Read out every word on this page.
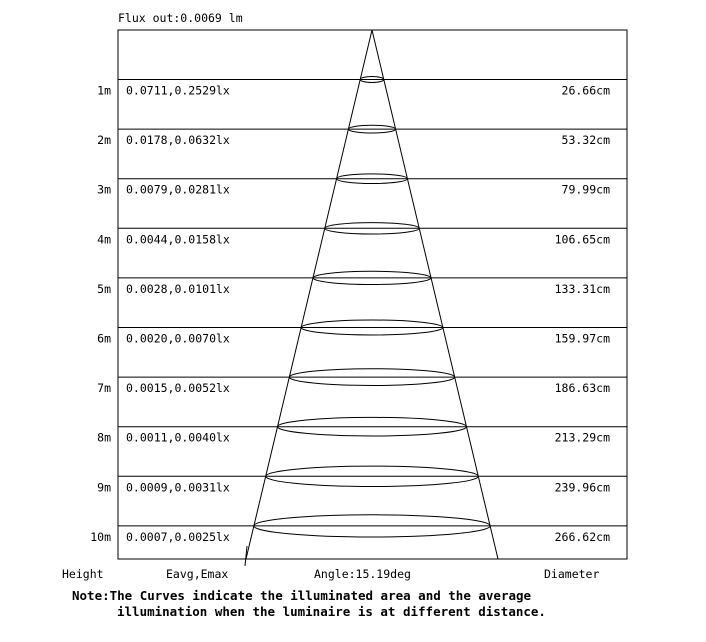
Flux out:0.0069 lm
1m 0.0711,0.2529lx	26.66cm
2m 0.0178,0.0632lx	53.32cm
3m 0.0079,0.0281lx	79.99cm
4m 0.0044,0.0158lx	106.65cm
5m 0.0028,0.0101lx	133.31cm
6m 0.0020,0.0070lx	159.97cm
7m 0.0015,0.0052lx	186.63cm
8m 0.0011,0.0040lx	213.29cm
9m 0.0009,0.0031lx	239.96cm
10m 0.0007,0.0025lx	266.62cm
Height	Eavg,Emax	Angle:15.19deg	Diameter
Note:The Curves indicate the illuminated area and the average
illumination when the luminaire is at different distance.
